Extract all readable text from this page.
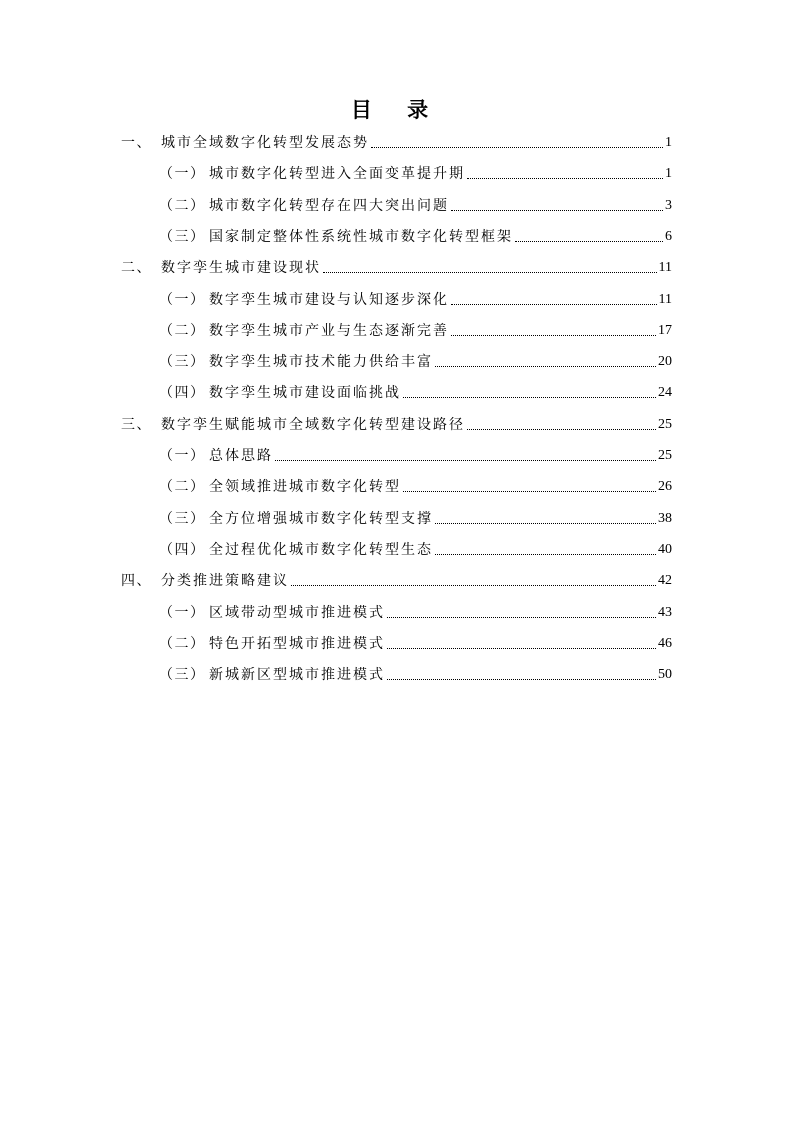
目 录
一、 城市全域数字化转型发展态势	1
（一） 城市数字化转型进入全面变革提升期	1
（二） 城市数字化转型存在四大突出问题	3
（三） 国家制定整体性系统性城市数字化转型框架	6
二、 数字孪生城市建设现状	11
（一） 数字孪生城市建设与认知逐步深化	11
（二） 数字孪生城市产业与生态逐渐完善	17
（三） 数字孪生城市技术能力供给丰富	20
（四） 数字孪生城市建设面临挑战	24
三、 数字孪生赋能城市全域数字化转型建设路径	25
（一） 总体思路	25
（二） 全领域推进城市数字化转型	26
（三） 全方位增强城市数字化转型支撑	38
（四） 全过程优化城市数字化转型生态	40
四、 分类推进策略建议	42
（一） 区域带动型城市推进模式	43
（二） 特色开拓型城市推进模式	46
（三） 新城新区型城市推进模式	50
